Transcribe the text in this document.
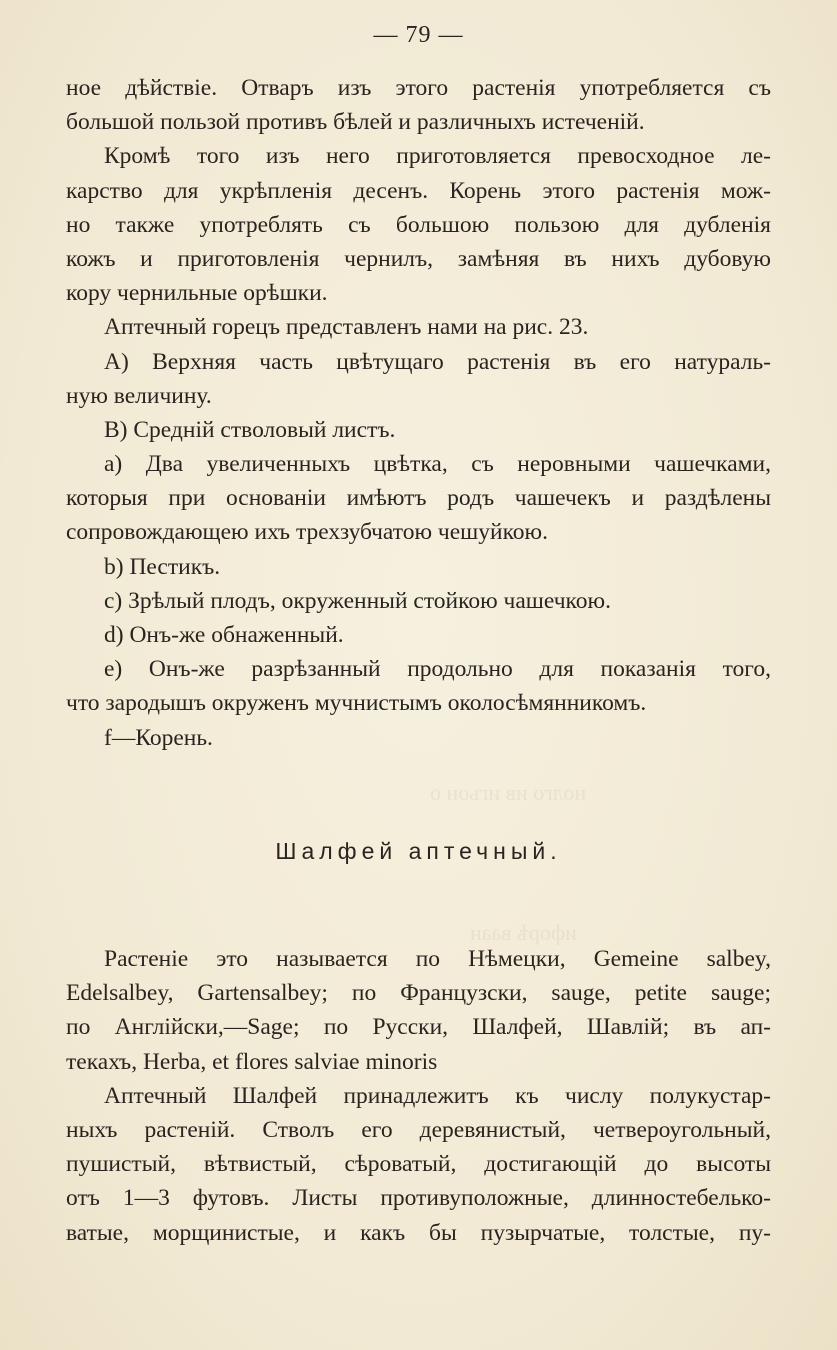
нолго ив игьон о
ифорѣ ваан
— 79 —
ное дѣйствіе. Отваръ изъ этого растенія употребляется съ
большой пользой противъ бѣлей и различныхъ истеченій.
Кромѣ того изъ него приготовляется превосходное ле-
карство для укрѣпленія десенъ. Корень этого растенія мож-
но также употреблять съ большою пользою для дубленія
кожъ и приготовленія чернилъ, замѣняя въ нихъ дубовую
кору чернильные орѣшки.
Аптечный горецъ представленъ нами на рис. 23.
А) Верхняя часть цвѣтущаго растенія въ его натураль-
ную величину.
В) Средній стволовый листъ.
а) Два увеличенныхъ цвѣтка, съ неровными чашечками,
которыя при основаніи имѣютъ родъ чашечекъ и раздѣлены
сопровождающею ихъ трехзубчатою чешуйкою.
b) Пестикъ.
c) Зрѣлый плодъ, окруженный стойкою чашечкою.
d) Онъ-же обнаженный.
e) Онъ-же разрѣзанный продольно для показанія того,
что зародышъ окруженъ мучнистымъ околосѣмянникомъ.
f—Корень.
Шалфей аптечный.
Растеніе это называется по Нѣмецки, Gemeine salbey,
Edelsalbey, Gartensalbey; по Французски, sauge, petite sauge;
по Англійски,—Sage; по Русски, Шалфей, Шавлій; въ ап-
текахъ, Herba, et flores salviae minoris
Аптечный Шалфей принадлежитъ къ числу полукустар-
ныхъ растеній. Стволъ его деревянистый, четвероугольный,
пушистый, вѣтвистый, сѣроватый, достигающій до высоты
отъ 1—3 футовъ. Листы противуположные, длинностебелько-
ватые, морщинистые, и какъ бы пузырчатые, толстые, пу-
